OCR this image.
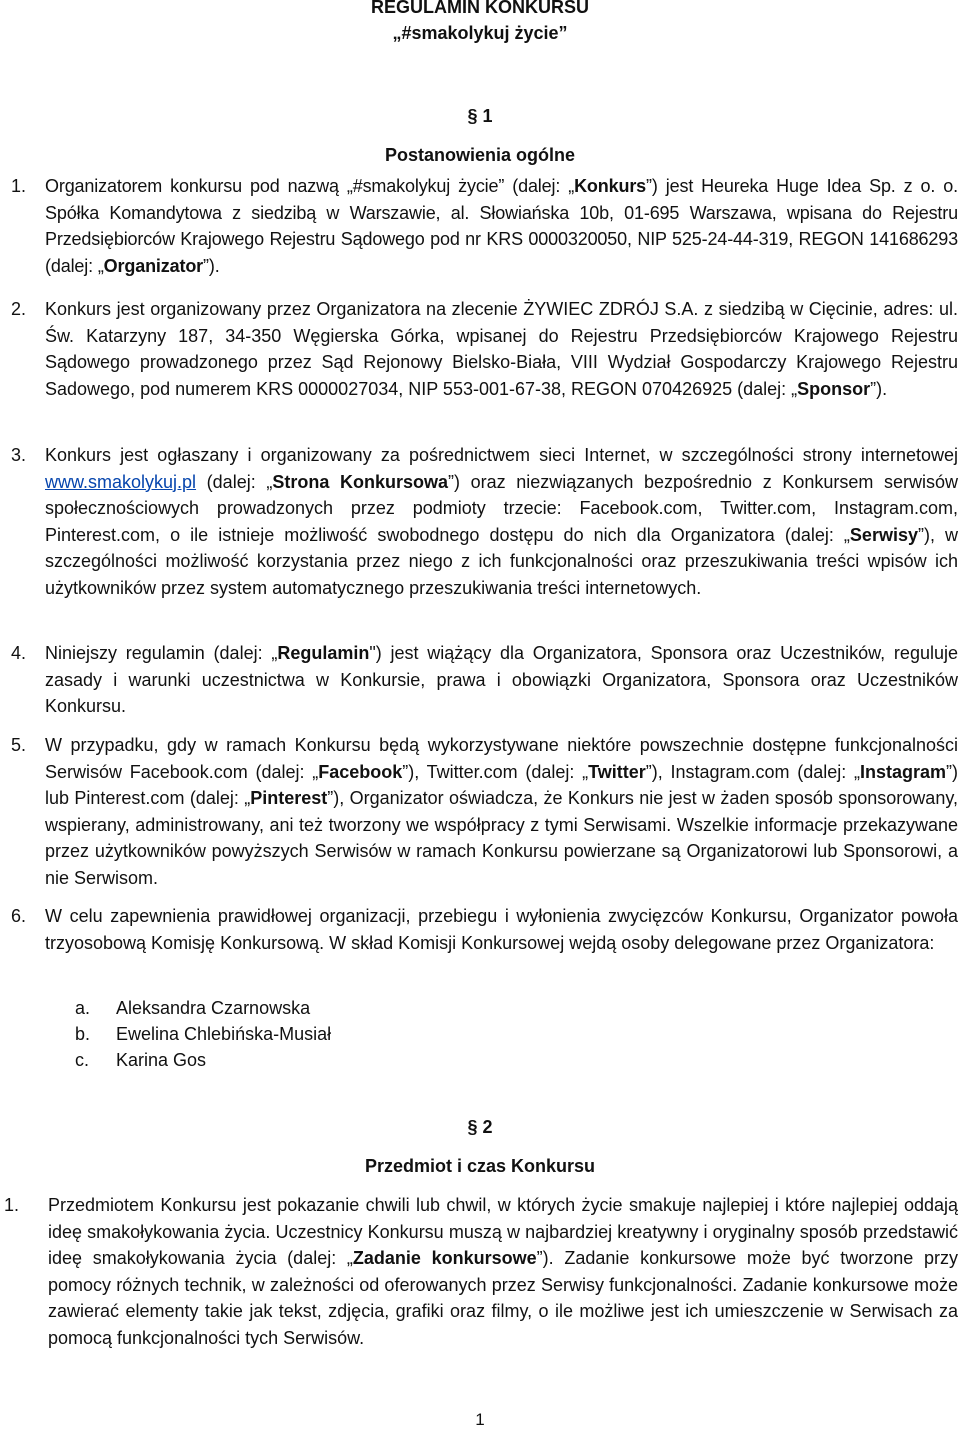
REGULAMIN KONKURSU
„#smakolykuj życie”
§ 1
Postanowienia ogólne
1.	Organizatorem konkursu pod nazwą „#smakolykuj życie” (dalej: „Konkurs”) jest Heureka Huge Idea Sp. z o. o. Spółka Komandytowa z siedzibą w Warszawie, al. Słowiańska 10b, 01-695 Warszawa, wpisana do Rejestru Przedsiębiorców Krajowego Rejestru Sądowego pod nr KRS 0000320050, NIP 525-24-44-319, REGON 141686293 (dalej: „Organizator”).
2.	Konkurs jest organizowany przez Organizatora na zlecenie ŻYWIEC ZDRÓJ S.A. z siedzibą w Cięcinie, adres: ul. Św. Katarzyny 187, 34-350 Węgierska Górka, wpisanej do Rejestru Przedsiębiorców Krajowego Rejestru Sądowego prowadzonego przez Sąd Rejonowy Bielsko-Biała, VIII Wydział Gospodarczy Krajowego Rejestru Sadowego, pod numerem KRS 0000027034, NIP 553-001-67-38, REGON 070426925 (dalej: „Sponsor”).
3.	Konkurs jest ogłaszany i organizowany za pośrednictwem sieci Internet, w szczególności strony internetowej www.smakolykuj.pl (dalej: „Strona Konkursowa”) oraz niezwiązanych bezpośrednio z Konkursem serwisów społecznościowych prowadzonych przez podmioty trzecie: Facebook.com, Twitter.com, Instagram.com, Pinterest.com, o ile istnieje możliwość swobodnego dostępu do nich dla Organizatora (dalej: „Serwisy”), w szczególności możliwość korzystania przez niego z ich funkcjonalności oraz przeszukiwania treści wpisów ich użytkowników przez system automatycznego przeszukiwania treści internetowych.
4.	Niniejszy regulamin (dalej: „Regulamin") jest wiążący dla Organizatora, Sponsora oraz Uczestników, reguluje zasady i warunki uczestnictwa w Konkursie, prawa i obowiązki Organizatora, Sponsora oraz Uczestników Konkursu.
5.	W przypadku, gdy w ramach Konkursu będą wykorzystywane niektóre powszechnie dostępne funkcjonalności Serwisów Facebook.com (dalej: „Facebook”), Twitter.com (dalej: „Twitter”), Instagram.com (dalej: „Instagram”) lub Pinterest.com (dalej: „Pinterest”), Organizator oświadcza, że Konkurs nie jest w żaden sposób sponsorowany, wspierany, administrowany, ani też tworzony we współpracy z tymi Serwisami. Wszelkie informacje przekazywane przez użytkowników powyższych Serwisów w ramach Konkursu powierzane są Organizatorowi lub Sponsorowi, a nie Serwisom.
6.	W celu zapewnienia prawidłowej organizacji, przebiegu i wyłonienia zwycięzców Konkursu, Organizator powoła trzyosobową Komisję Konkursową. W skład Komisji Konkursowej wejdą osoby delegowane przez Organizatora:
a. Aleksandra Czarnowska
b. Ewelina Chlebińska-Musiał
c. Karina Gos
§ 2
Przedmiot i czas Konkursu
1.	Przedmiotem Konkursu jest pokazanie chwili lub chwil, w których życie smakuje najlepiej i które najlepiej oddają ideę smakołykowania życia. Uczestnicy Konkursu muszą w najbardziej kreatywny i oryginalny sposób przedstawić ideę smakołykowania życia (dalej: „Zadanie konkursowe”). Zadanie konkursowe może być tworzone przy pomocy różnych technik, w zależności od oferowanych przez Serwisy funkcjonalności. Zadanie konkursowe może zawierać elementy takie jak tekst, zdjęcia, grafiki oraz filmy, o ile możliwe jest ich umieszczenie w Serwisach za pomocą funkcjonalności tych Serwisów.
1
